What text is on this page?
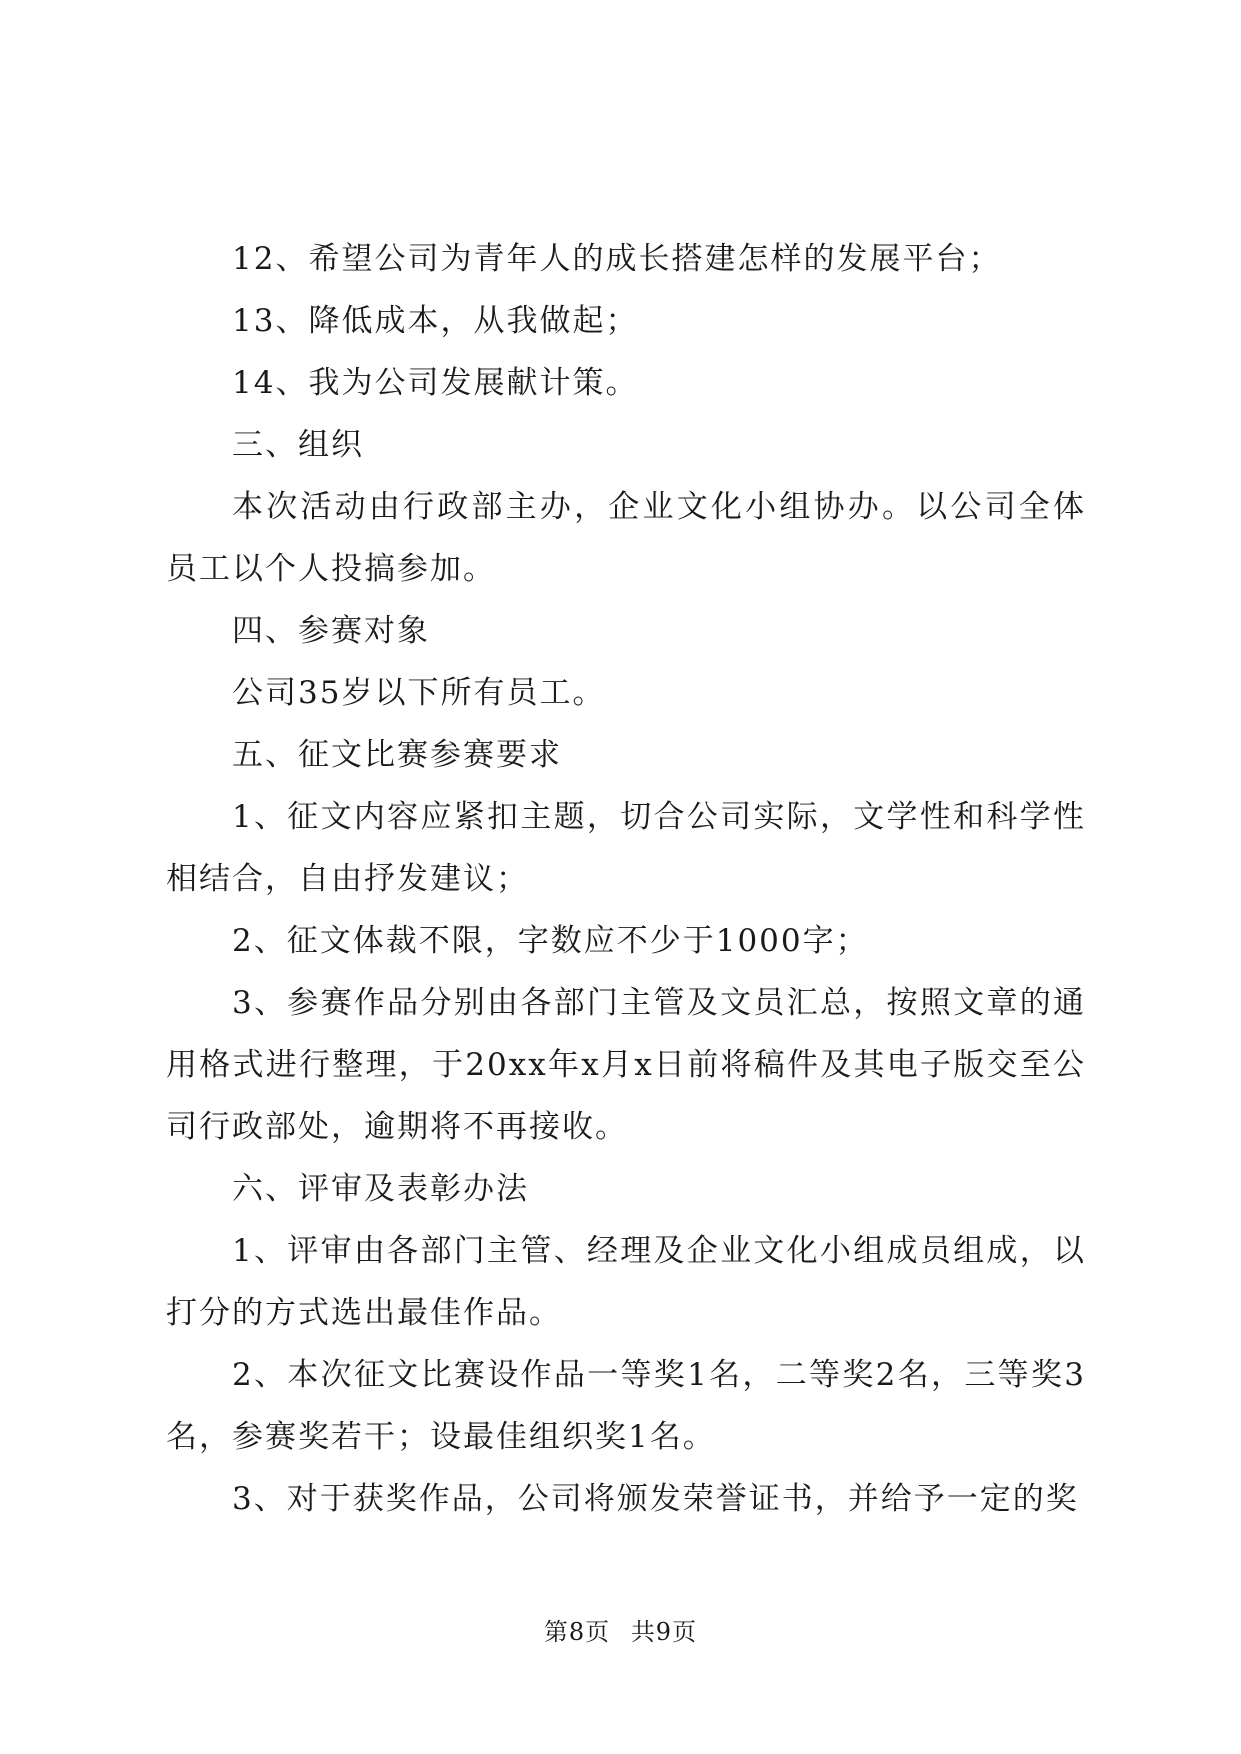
12、希望公司为青年人的成长搭建怎样的发展平台；

13、降低成本，从我做起；

14、我为公司发展献计策。

三、组织

本次活动由行政部主办，企业文化小组协办。以公司全体员工以个人投搞参加。

四、参赛对象

公司35岁以下所有员工。

五、征文比赛参赛要求

1、征文内容应紧扣主题，切合公司实际，文学性和科学性相结合，自由抒发建议；

2、征文体裁不限，字数应不少于1000字；

3、参赛作品分别由各部门主管及文员汇总，按照文章的通用格式进行整理，于20xx年x月x日前将稿件及其电子版交至公司行政部处，逾期将不再接收。

六、评审及表彰办法

1、评审由各部门主管、经理及企业文化小组成员组成，以打分的方式选出最佳作品。

2、本次征文比赛设作品一等奖1名，二等奖2名，三等奖3名，参赛奖若干；设最佳组织奖1名。

3、对于获奖作品，公司将颁发荣誉证书，并给予一定的奖

第8页 共9页
